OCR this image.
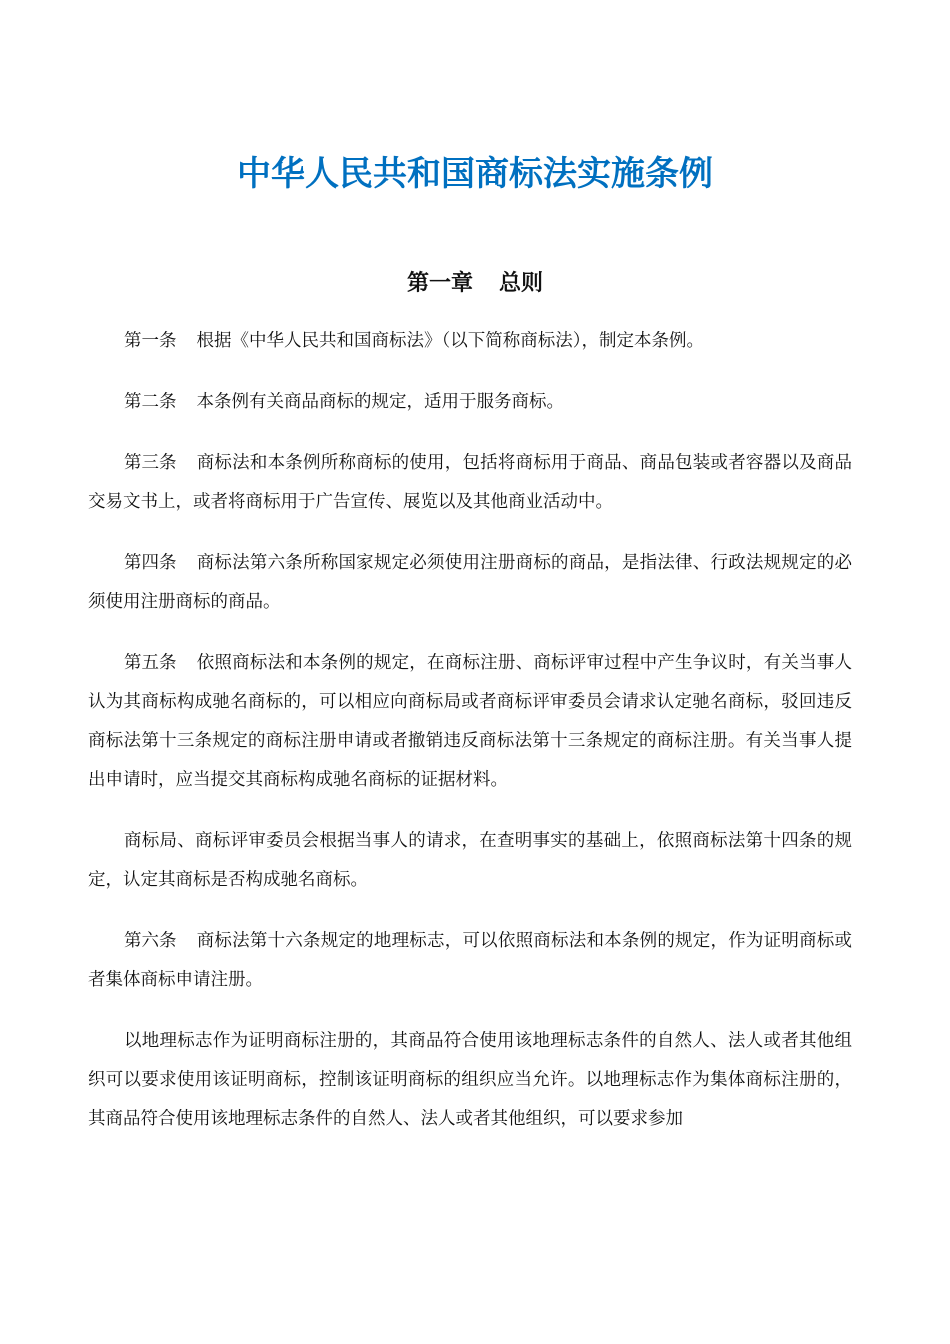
中华人民共和国商标法实施条例
第一章 总则

第一条 根据《中华人民共和国商标法》（以下简称商标法），制定本条例。

第二条 本条例有关商品商标的规定，适用于服务商标。

第三条 商标法和本条例所称商标的使用，包括将商标用于商品、商品包装或者容器以及商品交易文书上，或者将商标用于广告宣传、展览以及其他商业活动中。

第四条 商标法第六条所称国家规定必须使用注册商标的商品，是指法律、行政法规规定的必须使用注册商标的商品。

第五条 依照商标法和本条例的规定，在商标注册、商标评审过程中产生争议时，有关当事人认为其商标构成驰名商标的，可以相应向商标局或者商标评审委员会请求认定驰名商标，驳回违反商标法第十三条规定的商标注册申请或者撤销违反商标法第十三条规定的商标注册。有关当事人提出申请时，应当提交其商标构成驰名商标的证据材料。

商标局、商标评审委员会根据当事人的请求，在查明事实的基础上，依照商标法第十四条的规定，认定其商标是否构成驰名商标。

第六条 商标法第十六条规定的地理标志，可以依照商标法和本条例的规定，作为证明商标或者集体商标申请注册。

以地理标志作为证明商标注册的，其商品符合使用该地理标志条件的自然人、法人或者其他组织可以要求使用该证明商标，控制该证明商标的组织应当允许。以地理标志作为集体商标注册的，其商品符合使用该地理标志条件的自然人、法人或者其他组织，可以要求参加
